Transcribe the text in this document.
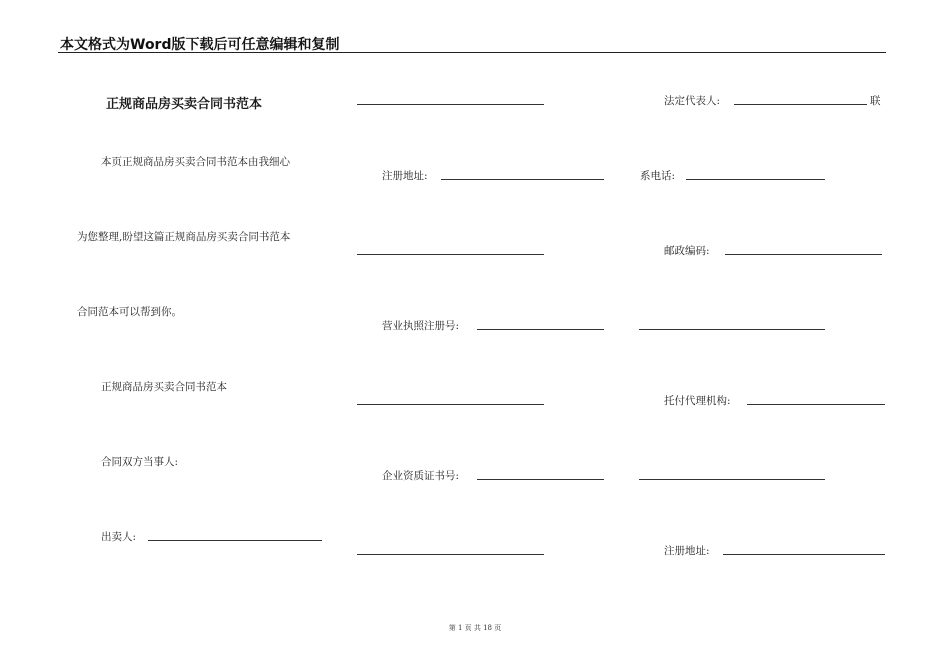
本文格式为Word版下载后可任意编辑和复制
正规商品房买卖合同书范本
本页正规商品房买卖合同书范本由我细心
为您整理,盼望这篇正规商品房买卖合同书范本
合同范本可以帮到你。
正规商品房买卖合同书范本
合同双方当事人:
出卖人:
注册地址:
营业执照注册号:
企业资质证书号:
法定代表人:	联
系电话:
邮政编码:
托付代理机构:
注册地址:
第 1 页 共 18 页
